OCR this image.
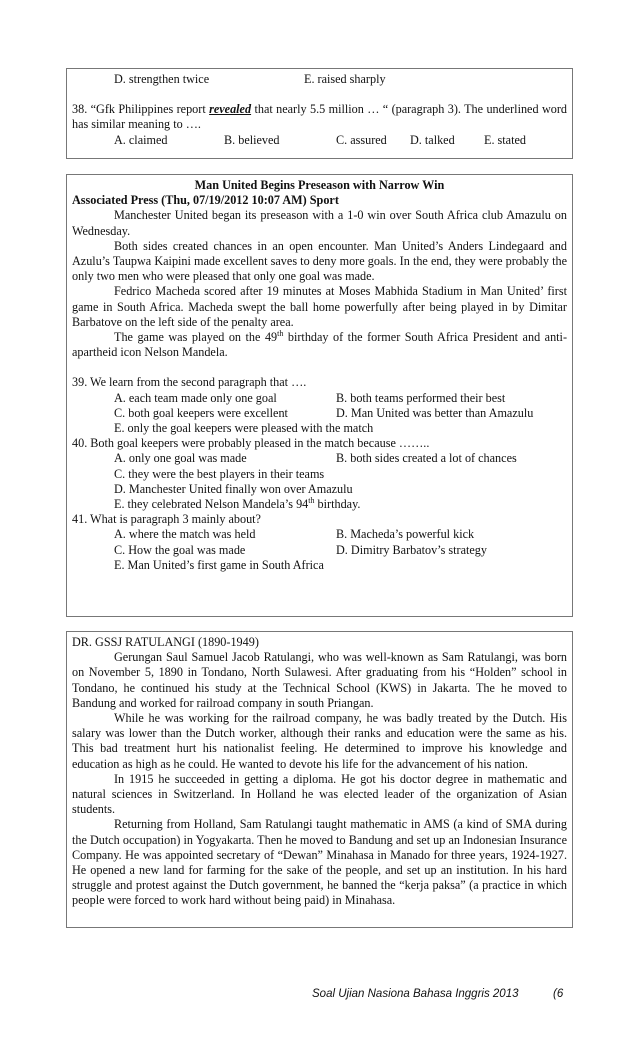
D. strengthen twice	E. raised sharply

38. “Gfk Philippines report revealed that nearly 5.5 million … “ (paragraph 3). The underlined word has similar meaning to ….

A. claimed	B. believed	C. assured	D. talked	E. stated
Man United Begins Preseason with Narrow Win
Associated Press (Thu, 07/19/2012 10:07 AM) Sport

Manchester United began its preseason with a 1-0 win over South Africa club Amazulu on Wednesday.

Both sides created chances in an open encounter. Man United’s Anders Lindegaard and Azulu’s Taupwa Kaipini made excellent saves to deny more goals. In the end, they were probably the only two men who were pleased that only one goal was made.

Fedrico Macheda scored after 19 minutes at Moses Mabhida Stadium in Man United’ first game in South Africa. Macheda swept the ball home powerfully after being played in by Dimitar Barbatove on the left side of the penalty area.

The game was played on the 49th birthday of the former South Africa President and anti-apartheid icon Nelson Mandela.

39. We learn from the second paragraph that ….
A. each team made only one goal	B. both teams performed their best
C. both goal keepers were excellent	D. Man United was better than Amazulu
E. only the goal keepers were pleased with the match
40. Both goal keepers were probably pleased in the match because ……..
A. only one goal was made	B. both sides created a lot of chances
C. they were the best players in their teams
D. Manchester United finally won over Amazulu
E. they celebrated Nelson Mandela’s 94th birthday.
41. What is paragraph 3 mainly about?
A. where the match was held	B. Macheda’s powerful kick
C. How the goal was made	D. Dimitry Barbatov’s strategy
E. Man United’s first game in South Africa
DR. GSSJ RATULANGI (1890-1949)

Gerungan Saul Samuel Jacob Ratulangi, who was well-known as Sam Ratulangi, was born on November 5, 1890 in Tondano, North Sulawesi. After graduating from his “Holden” school in Tondano, he continued his study at the Technical School (KWS) in Jakarta. The he moved to Bandung and worked for railroad company in south Priangan.

While he was working for the railroad company, he was badly treated by the Dutch. His salary was lower than the Dutch worker, although their ranks and education were the same as his. This bad treatment hurt his nationalist feeling. He determined to improve his knowledge and education as high as he could. He wanted to devote his life for the advancement of his nation.

In 1915 he succeeded in getting a diploma. He got his doctor degree in mathematic and natural sciences in Switzerland. In Holland he was elected leader of the organization of Asian students.

Returning from Holland, Sam Ratulangi taught mathematic in AMS (a kind of SMA during the Dutch occupation) in Yogyakarta. Then he moved to Bandung and set up an Indonesian Insurance Company. He was appointed secretary of “Dewan” Minahasa in Manado for three years, 1924-1927. He opened a new land for farming for the sake of the people, and set up an institution. In his hard struggle and protest against the Dutch government, he banned the “kerja paksa” (a practice in which people were forced to work hard without being paid) in Minahasa.

Soal Ujian Nasiona Bahasa Inggris 2013	(6
